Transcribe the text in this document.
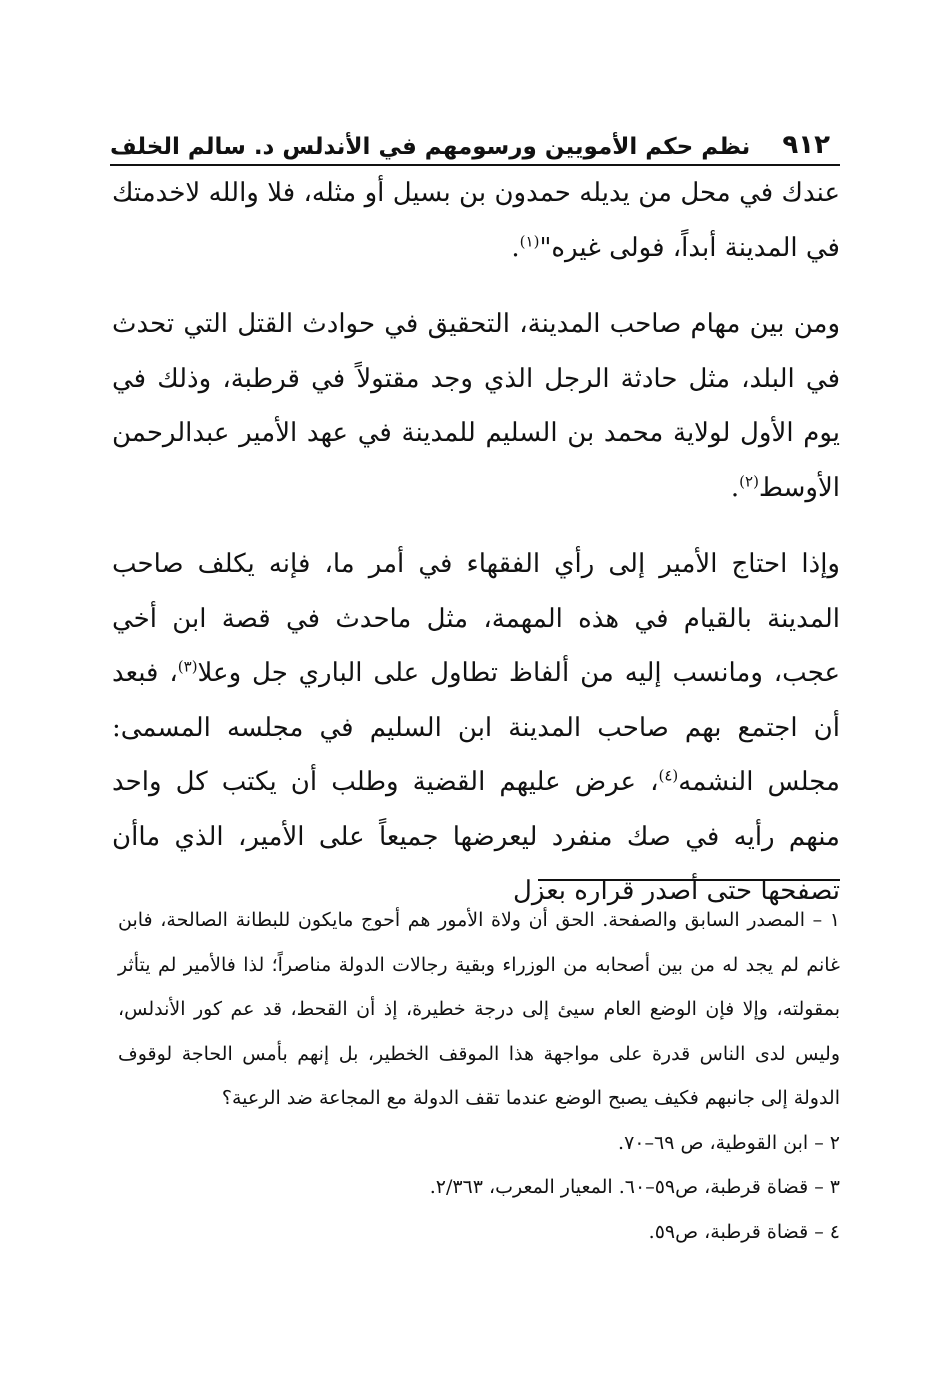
٩١٢
نظم حكم الأمويين ورسومهم في الأندلس د. سالم الخلف

عندك في محل من يديله حمدون بن بسيل أو مثله، فلا والله لاخدمتك في المدينة أبداً، فولى غيره"$^{(١)}$.

ومن بين مهام صاحب المدينة، التحقيق في حوادث القتل التي تحدث في البلد، مثل حادثة الرجل الذي وجد مقتولاً في قرطبة، وذلك في يوم الأول لولاية محمد بن السليم للمدينة في عهد الأمير عبدالرحمن الأوسط$^{(٢)}$.

وإذا احتاج الأمير إلى رأي الفقهاء في أمر ما، فإنه يكلف صاحب المدينة بالقيام في هذه المهمة، مثل ماحدث في قصة ابن أخي عجب، ومانسب إليه من ألفاظ تطاول على الباري جل وعلا$^{(٣)}$، فبعد أن اجتمع بهم صاحب المدينة ابن السليم في مجلسه المسمى: مجلس النشمه$^{(٤)}$، عرض عليهم القضية وطلب أن يكتب كل واحد منهم رأيه في صك منفرد ليعرضها جميعاً على الأمير، الذي ماأن تصفحها حتى أصدر قراره بعزل

١ – المصدر السابق والصفحة. الحق أن ولاة الأمور هم أحوج مايكون للبطانة الصالحة، فابن غانم لم يجد له من بين أصحابه من الوزراء وبقية رجالات الدولة مناصراً؛ لذا فالأمير لم يتأثر بمقولته، وإلا فإن الوضع العام سيئ إلى درجة خطيرة، إذ أن القحط، قد عم كور الأندلس، وليس لدى الناس قدرة على مواجهة هذا الموقف الخطير، بل إنهم بأمس الحاجة لوقوف الدولة إلى جانبهم فكيف يصبح الوضع عندما تقف الدولة مع المجاعة ضد الرعية؟

٢ – ابن القوطية، ص ٦٩–٧٠.

٣ – قضاة قرطبة، ص٥٩–٦٠. المعيار المعرب، ٢/٣٦٣.

٤ – قضاة قرطبة، ص٥٩.
